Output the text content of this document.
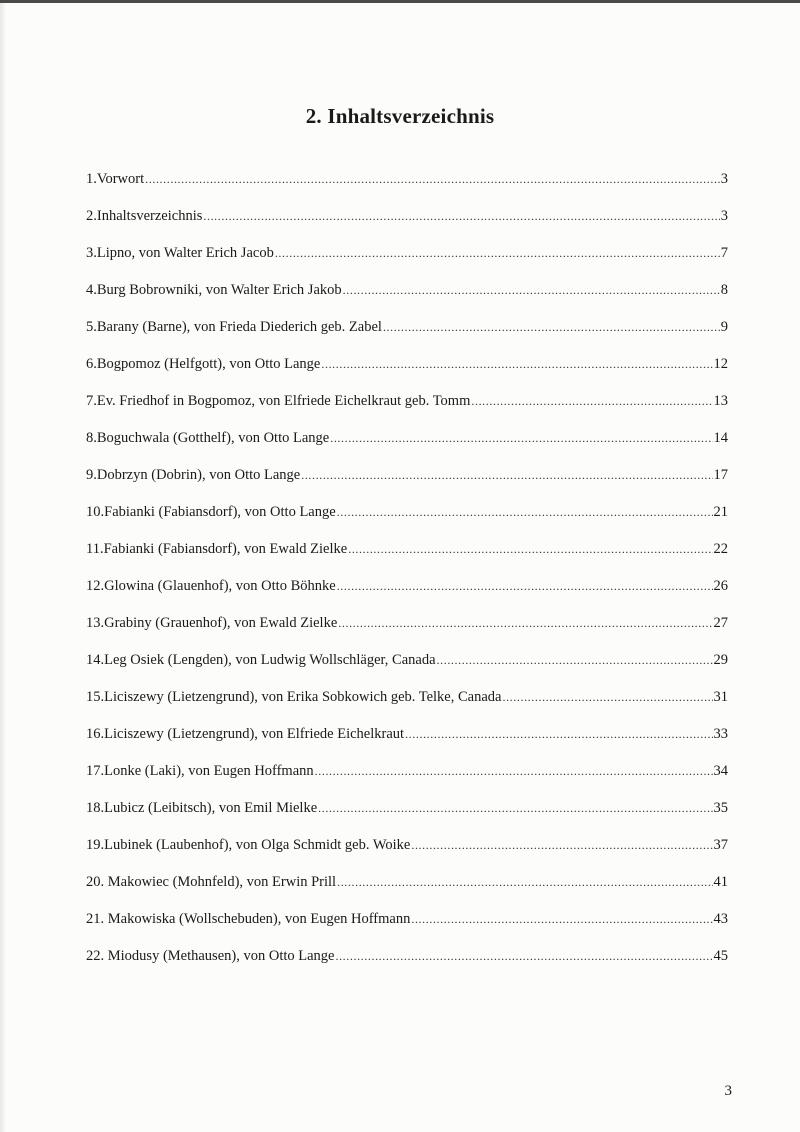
2. Inhaltsverzeichnis
1.Vorwort .....	3
2.Inhaltsverzeichnis .....	3
3.Lipno, von Walter Erich Jacob .....	7
4.Burg Bobrowniki, von Walter Erich Jakob .....	8
5.Barany (Barne), von Frieda Diederich geb. Zabel .....	9
6.Bogpomoz (Helfgott), von Otto Lange .....	12
7.Ev. Friedhof in Bogpomoz, von Elfriede Eichelkraut geb. Tomm .....	13
8.Boguchwala (Gotthelf), von Otto Lange .....	14
9.Dobrzyn (Dobrin), von Otto Lange .....	17
10.Fabianki (Fabiansdorf), von Otto Lange .....	21
11.Fabianki (Fabiansdorf), von Ewald Zielke .....	22
12.Glowina (Glauenhof), von Otto Böhnke .....	26
13.Grabiny (Grauenhof), von Ewald Zielke .....	27
14.Leg Osiek (Lengden), von Ludwig Wollschläger, Canada .....	29
15.Liciszewy (Lietzengrund), von Erika Sobkowich geb. Telke, Canada .....	31
16.Liciszewy (Lietzengrund), von Elfriede Eichelkraut .....	33
17.Lonke (Laki), von Eugen Hoffmann .....	34
18.Lubicz (Leibitsch), von Emil Mielke .....	35
19.Lubinek (Laubenhof), von Olga Schmidt geb. Woike .....	37
20. Makowiec (Mohnfeld), von Erwin Prill .....	41
21. Makowiska (Wollschebuden), von Eugen Hoffmann .....	43
22. Miodusy (Methausen), von Otto Lange .....	45
3
